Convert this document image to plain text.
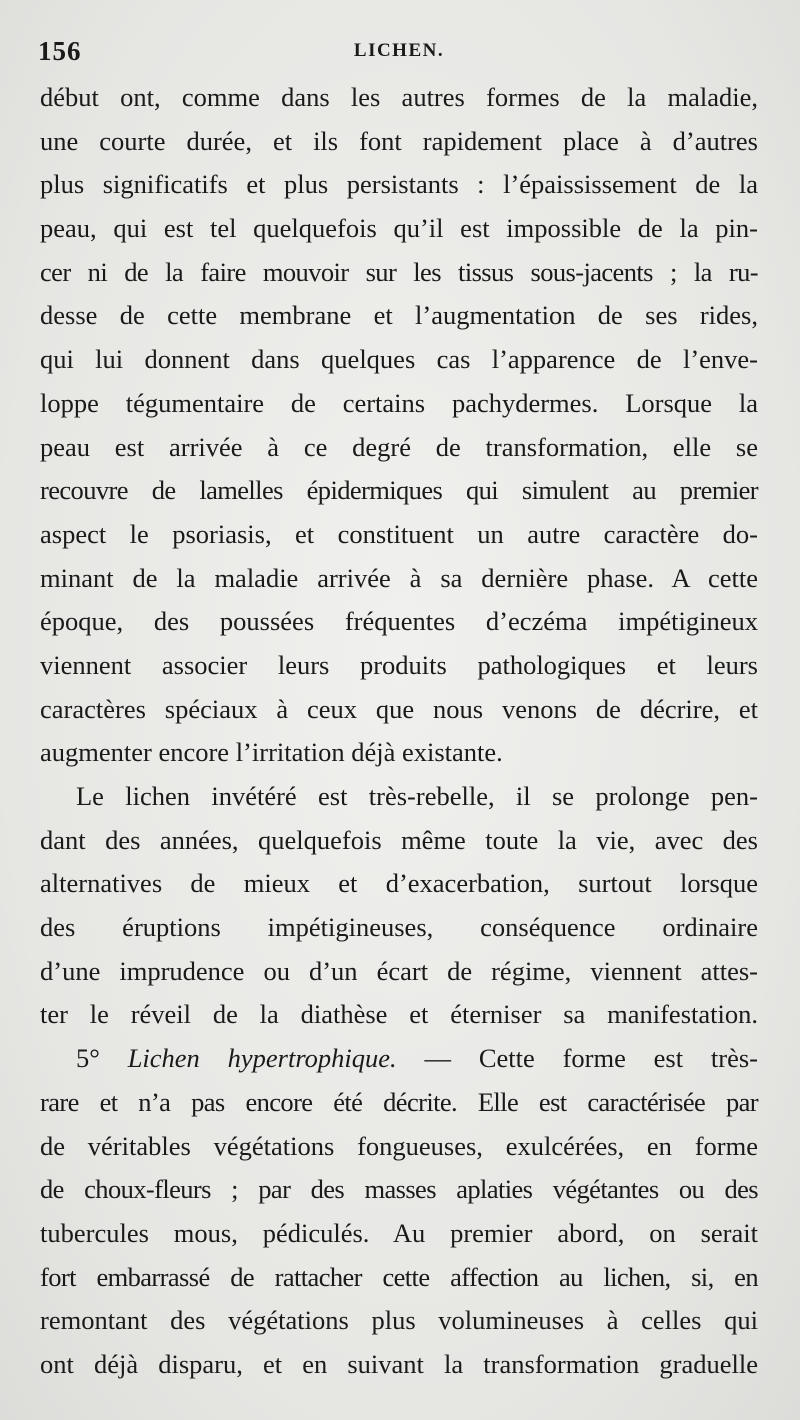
156	LICHEN.
début ont, comme dans les autres formes de la maladie,
une courte durée, et ils font rapidement place à d’autres
plus significatifs et plus persistants : l’épaississement de la
peau, qui est tel quelquefois qu’il est impossible de la pin-
cer ni de la faire mouvoir sur les tissus sous-jacents ; la ru-
desse de cette membrane et l’augmentation de ses rides,
qui lui donnent dans quelques cas l’apparence de l’enve-
loppe tégumentaire de certains pachydermes. Lorsque la
peau est arrivée à ce degré de transformation, elle se
recouvre de lamelles épidermiques qui simulent au premier
aspect le psoriasis, et constituent un autre caractère do-
minant de la maladie arrivée à sa dernière phase. A cette
époque, des poussées fréquentes d’eczéma impétigineux
viennent associer leurs produits pathologiques et leurs
caractères spéciaux à ceux que nous venons de décrire, et
augmenter encore l’irritation déjà existante.
Le lichen invétéré est très-rebelle, il se prolonge pen-
dant des années, quelquefois même toute la vie, avec des
alternatives de mieux et d’exacerbation, surtout lorsque
des éruptions impétigineuses, conséquence ordinaire
d’une imprudence ou d’un écart de régime, viennent attes-
ter le réveil de la diathèse et éterniser sa manifestation.
5° Lichen hypertrophique. — Cette forme est très-
rare et n’a pas encore été décrite. Elle est caractérisée par
de véritables végétations fongueuses, exulcérées, en forme
de choux-fleurs ; par des masses aplaties végétantes ou des
tubercules mous, pédiculés. Au premier abord, on serait
fort embarrassé de rattacher cette affection au lichen, si, en
remontant des végétations plus volumineuses à celles qui
ont déjà disparu, et en suivant la transformation graduelle
